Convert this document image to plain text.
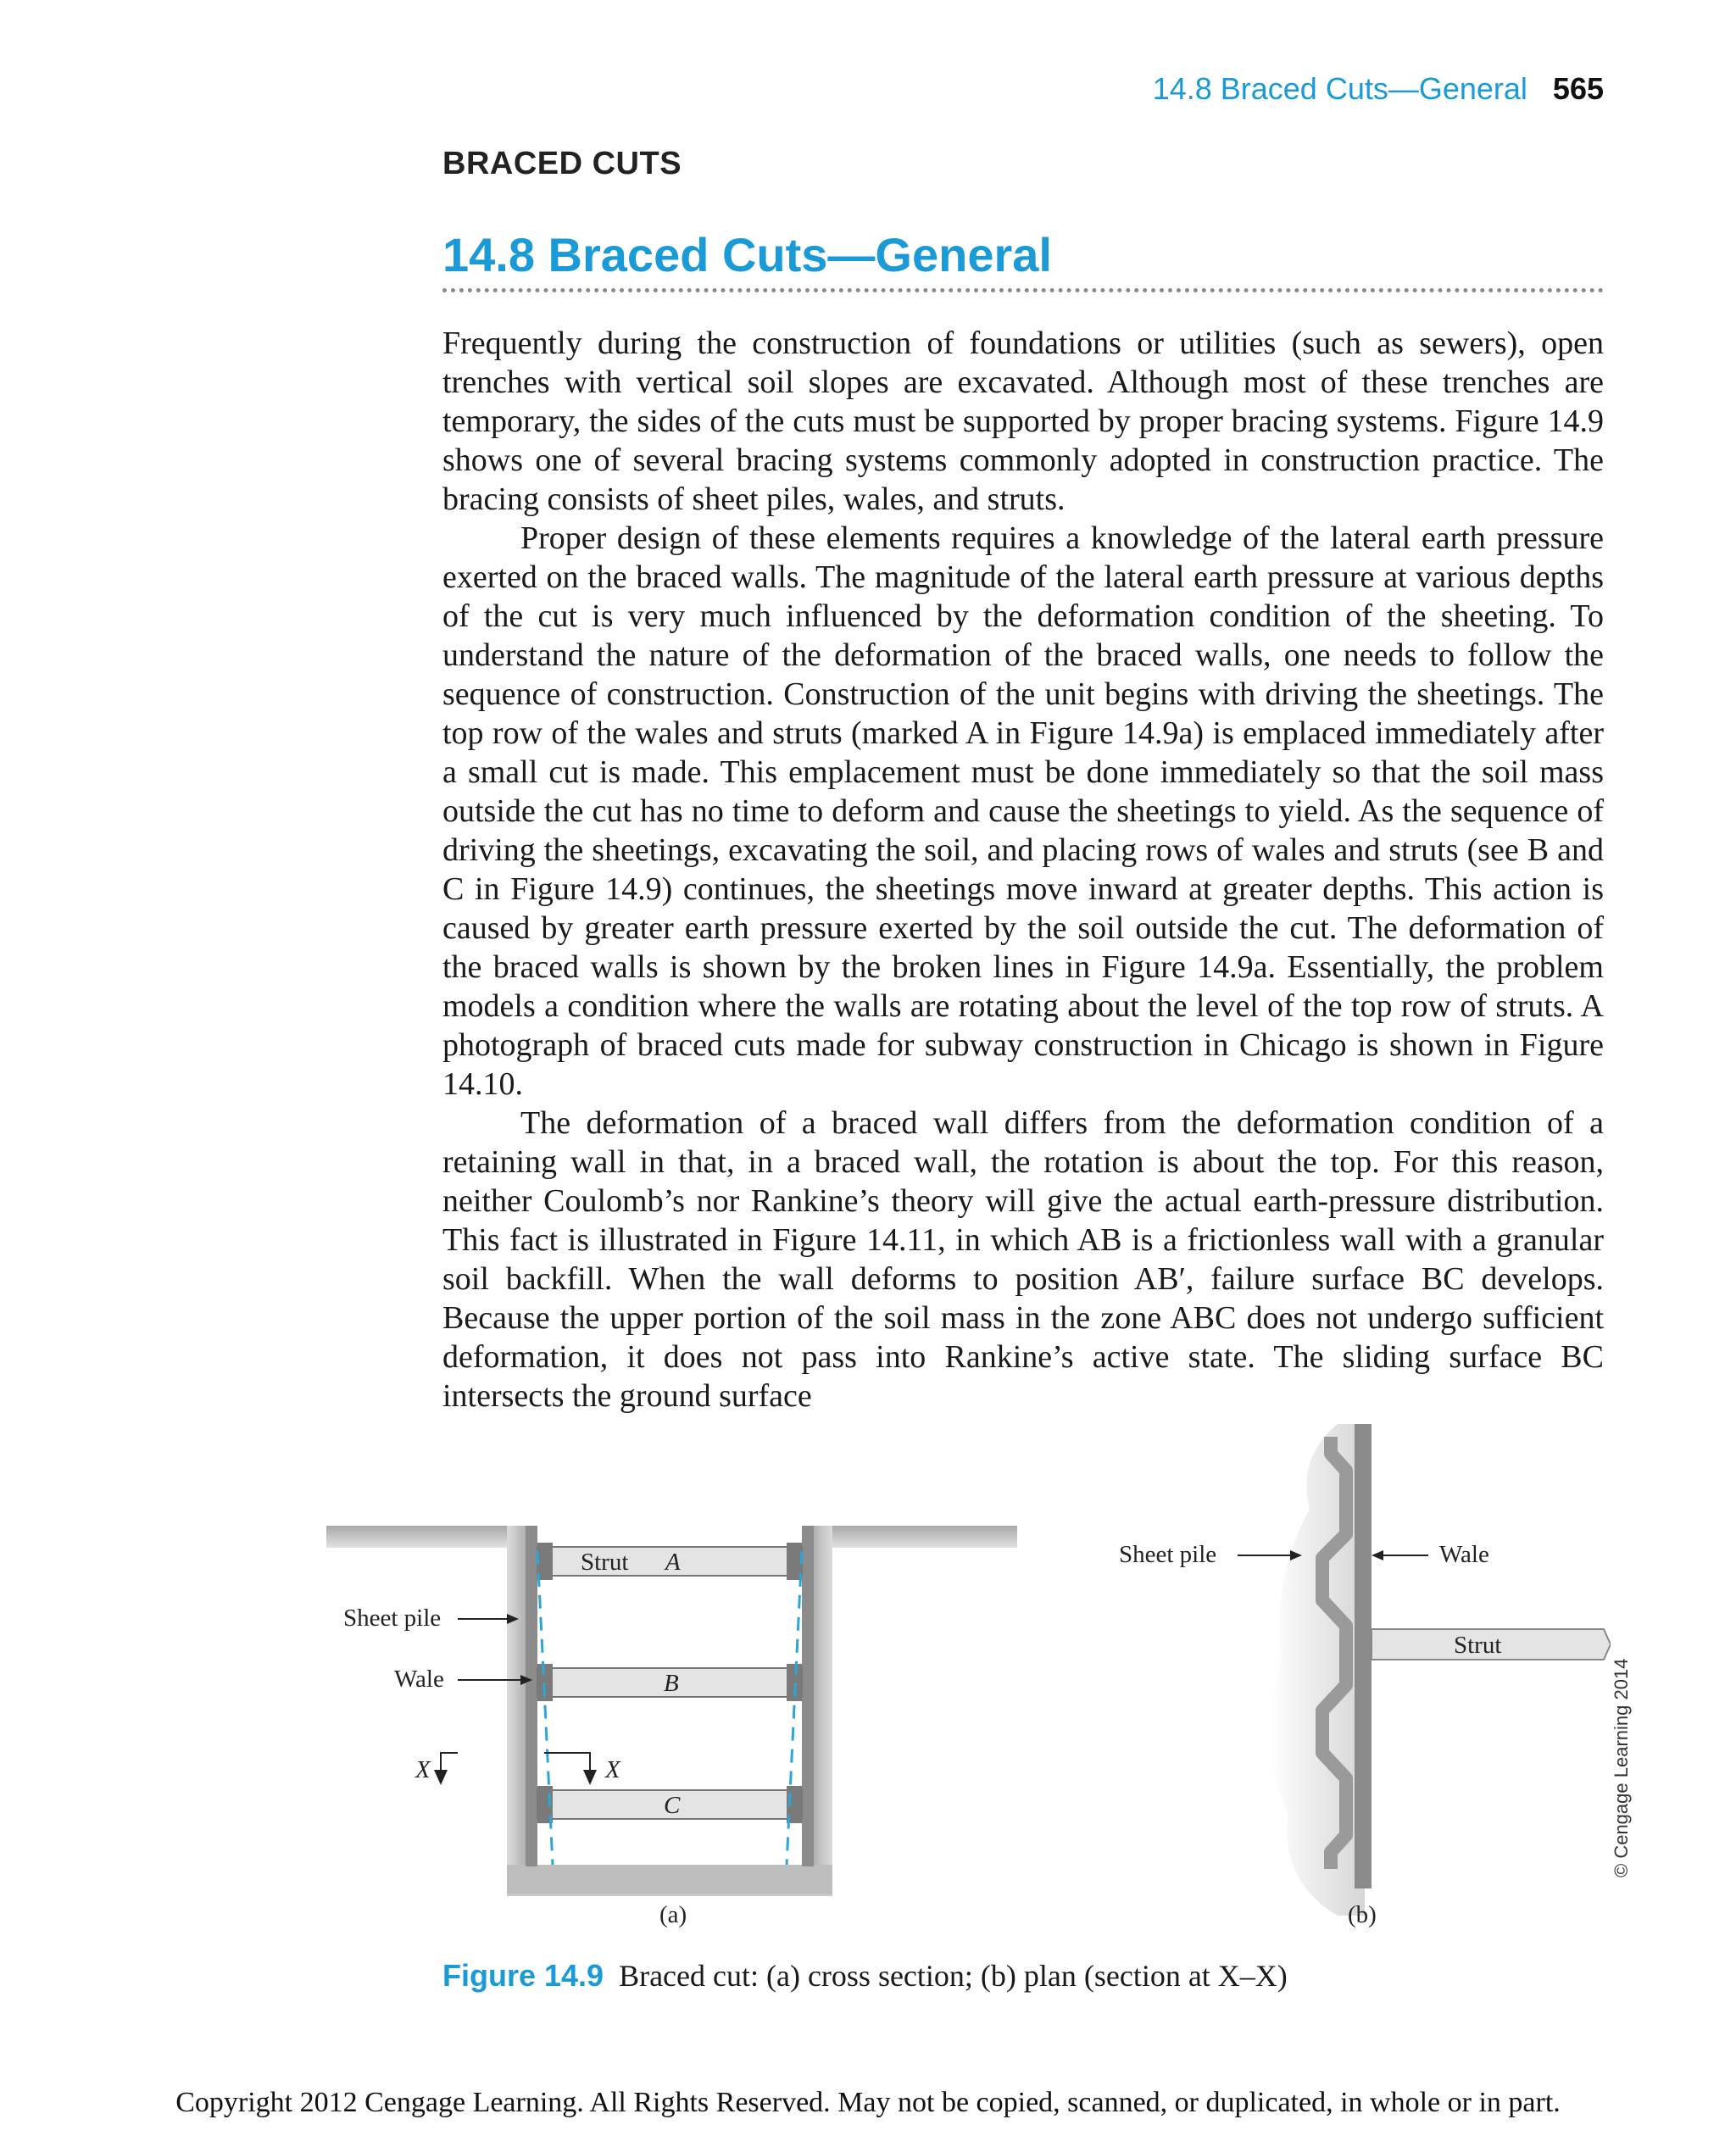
14.8 Braced Cuts—General 565
BRACED CUTS
14.8 Braced Cuts—General

Frequently during the construction of foundations or utilities (such as sewers), open trenches with vertical soil slopes are excavated. Although most of these trenches are temporary, the sides of the cuts must be supported by proper bracing systems. Figure 14.9 shows one of several bracing systems commonly adopted in construction practice. The bracing consists of sheet piles, wales, and struts.

Proper design of these elements requires a knowledge of the lateral earth pressure exerted on the braced walls. The magnitude of the lateral earth pressure at various depths of the cut is very much influenced by the deformation condition of the sheeting. To understand the nature of the deformation of the braced walls, one needs to follow the sequence of construction. Construction of the unit begins with driving the sheetings. The top row of the wales and struts (marked A in Figure 14.9a) is emplaced immediately after a small cut is made. This emplacement must be done immediately so that the soil mass outside the cut has no time to deform and cause the sheetings to yield. As the sequence of driving the sheetings, excavating the soil, and placing rows of wales and struts (see B and C in Figure 14.9) continues, the sheetings move inward at greater depths. This action is caused by greater earth pressure exerted by the soil outside the cut. The deformation of the braced walls is shown by the broken lines in Figure 14.9a. Essentially, the problem models a condition where the walls are rotating about the level of the top row of struts. A photograph of braced cuts made for subway construction in Chicago is shown in Figure 14.10.

The deformation of a braced wall differs from the deformation condition of a retaining wall in that, in a braced wall, the rotation is about the top. For this reason, neither Coulomb’s nor Rankine’s theory will give the actual earth-pressure distribution. This fact is illustrated in Figure 14.11, in which AB is a frictionless wall with a granular soil backfill. When the wall deforms to position AB′, failure surface BC develops. Because the upper portion of the soil mass in the zone ABC does not undergo sufficient deformation, it does not pass into Rankine’s active state. The sliding surface BC intersects the ground surface

Strut A
B
C
Sheet pile
Wale
X	X
(a)
Sheet pile	Wale
Strut
(b)
© Cengage Learning 2014
Figure 14.9 Braced cut: (a) cross section; (b) plan (section at X–X)
Copyright 2012 Cengage Learning. All Rights Reserved. May not be copied, scanned, or duplicated, in whole or in part.
